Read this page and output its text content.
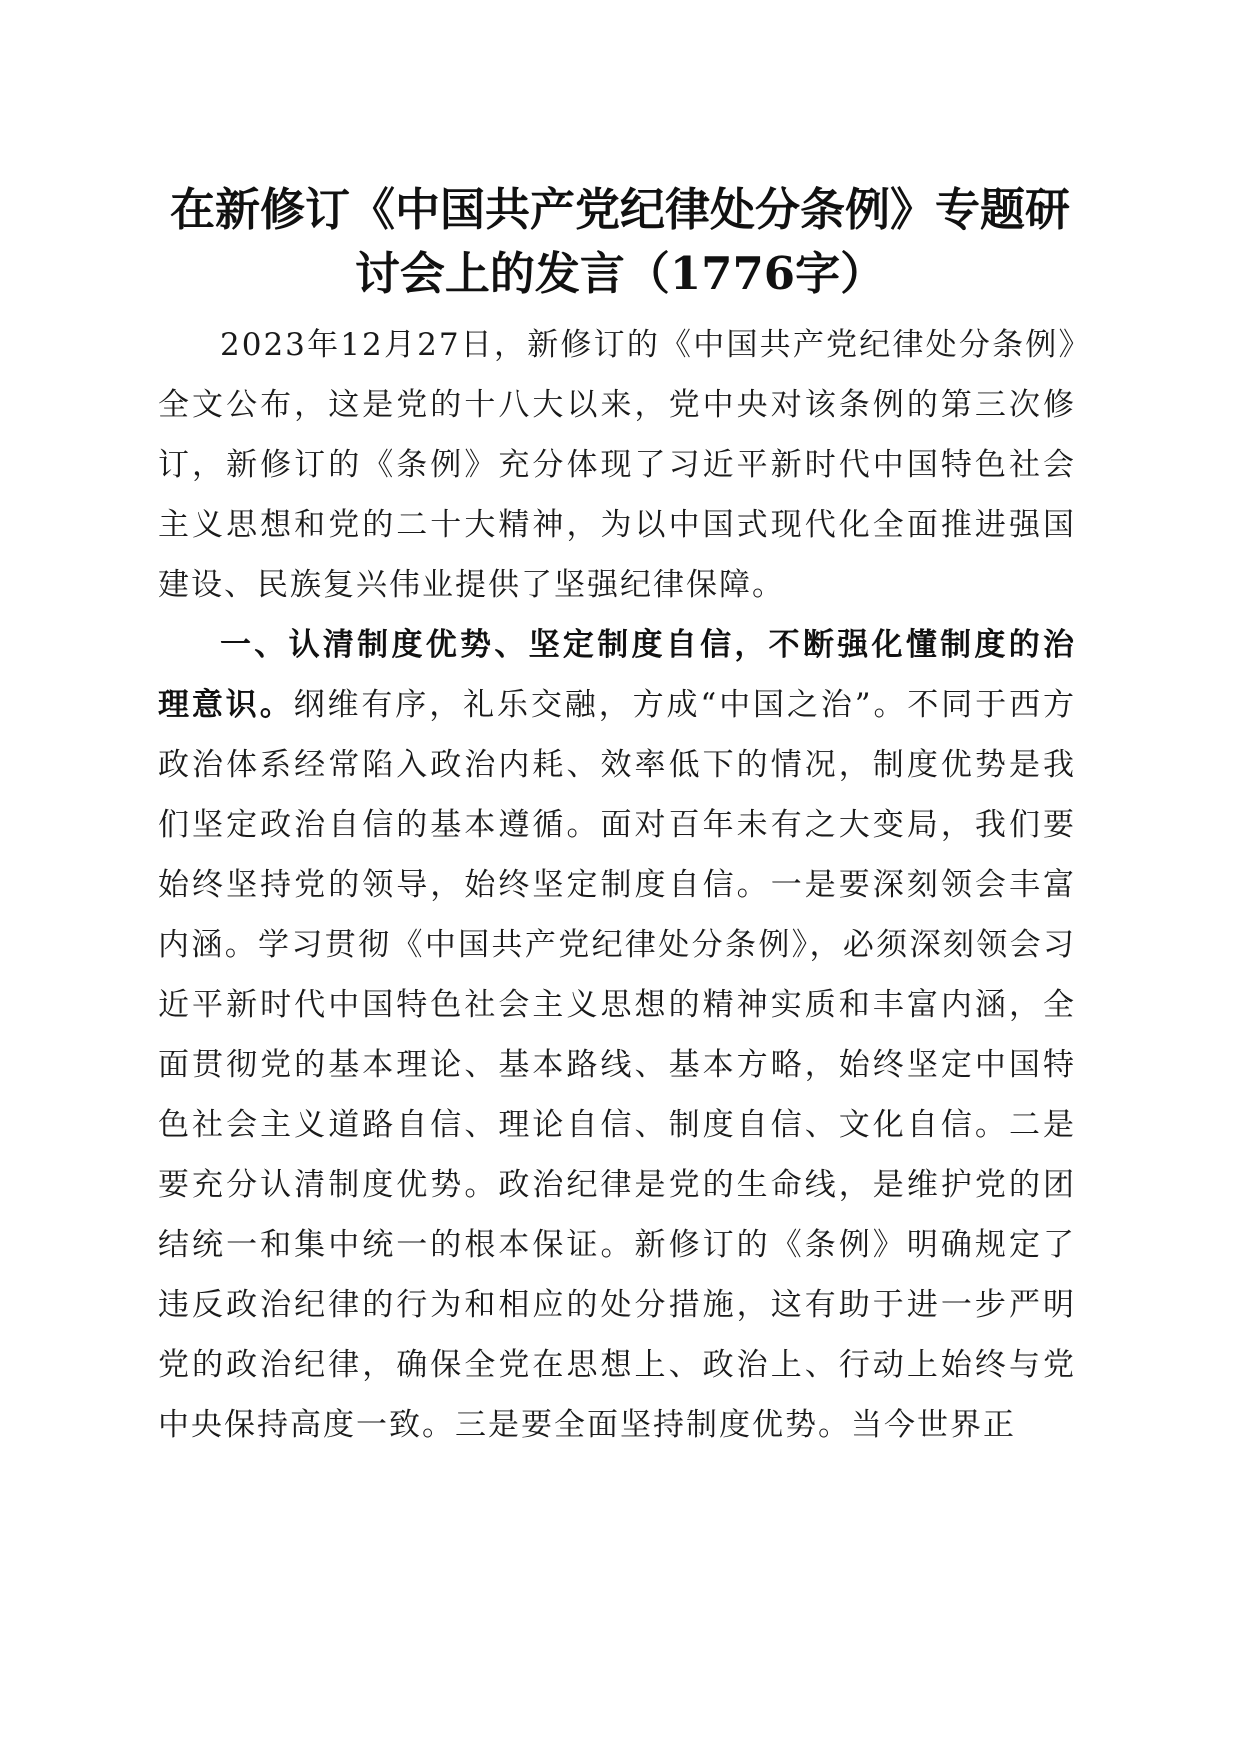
在新修订《中国共产党纪律处分条例》专题研
讨会上的发言（1776字）

2023年12月27日，新修订的《中国共产党纪律处分条例》全文公布，这是党的十八大以来，党中央对该条例的第三次修订，新修订的《条例》充分体现了习近平新时代中国特色社会主义思想和党的二十大精神，为以中国式现代化全面推进强国建设、民族复兴伟业提供了坚强纪律保障。

一、认清制度优势、坚定制度自信，不断强化懂制度的治理意识。纲维有序，礼乐交融，方成“中国之治”。不同于西方政治体系经常陷入政治内耗、效率低下的情况，制度优势是我们坚定政治自信的基本遵循。面对百年未有之大变局，我们要始终坚持党的领导，始终坚定制度自信。一是要深刻领会丰富内涵。学习贯彻《中国共产党纪律处分条例》，必须深刻领会习近平新时代中国特色社会主义思想的精神实质和丰富内涵，全面贯彻党的基本理论、基本路线、基本方略，始终坚定中国特色社会主义道路自信、理论自信、制度自信、文化自信。二是要充分认清制度优势。政治纪律是党的生命线，是维护党的团结统一和集中统一的根本保证。新修订的《条例》明确规定了违反政治纪律的行为和相应的处分措施，这有助于进一步严明党的政治纪律，确保全党在思想上、政治上、行动上始终与党中央保持高度一致。三是要全面坚持制度优势。当今世界正
